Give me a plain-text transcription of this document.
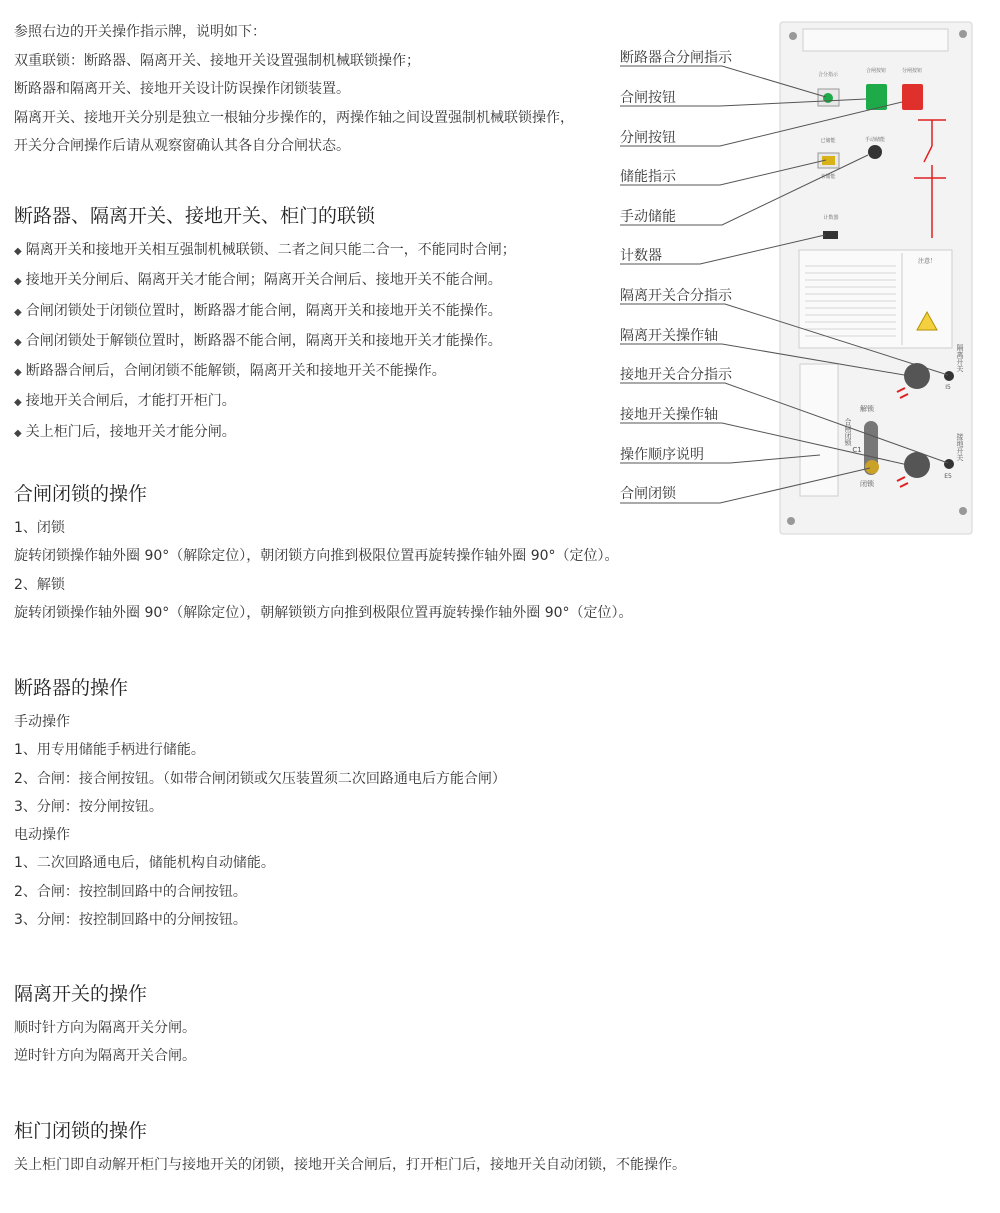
参照右边的开关操作指示牌，说明如下：

双重联锁：断路器、隔离开关、接地开关设置强制机械联锁操作；

断路器和隔离开关、接地开关设计防误操作闭锁装置。

隔离开关、接地开关分别是独立一根轴分步操作的，两操作轴之间设置强制机械联锁操作，

开关分合闸操作后请从观察窗确认其各自分合闸状态。

断路器、隔离开关、接地开关、柜门的联锁
◆ 隔离开关和接地开关相互强制机械联锁、二者之间只能二合一，不能同时合闸；
◆ 接地开关分闸后、隔离开关才能合闸；隔离开关合闸后、接地开关不能合闸。
◆ 合闸闭锁处于闭锁位置时，断路器才能合闸，隔离开关和接地开关不能操作。
◆ 合闸闭锁处于解锁位置时，断路器不能合闸，隔离开关和接地开关才能操作。
◆ 断路器合闸后，合闸闭锁不能解锁，隔离开关和接地开关不能操作。
◆ 接地开关合闸后，才能打开柜门。
◆ 关上柜门后，接地开关才能分闸。
合闸闭锁的操作

1、闭锁

旋转闭锁操作轴外圈 90°（解除定位），朝闭锁方向推到极限位置再旋转操作轴外圈 90°（定位）。

2、解锁

旋转闭锁操作轴外圈 90°（解除定位），朝解锁锁方向推到极限位置再旋转操作轴外圈 90°（定位）。

断路器的操作

手动操作

1、用专用储能手柄进行储能。

2、合闸：接合闸按钮。（如带合闸闭锁或欠压装置须二次回路通电后方能合闸）

3、分闸：按分闸按钮。

电动操作

1、二次回路通电后，储能机构自动储能。

2、合闸：按控制回路中的合闸按钮。

3、分闸：按控制回路中的分闸按钮。

隔离开关的操作

顺时针方向为隔离开关分闸。

逆时针方向为隔离开关合闸。

柜门闭锁的操作

关上柜门即自动解开柜门与接地开关的闭锁，接地开关合闸后，打开柜门后，接地开关自动闭锁，不能操作。

合分指示
合闸按钮	分闸按钮
已储能
未储能
手动储能
计数器
注意！
I5
隔离开关
解锁
闭锁
合闸闭锁
C1
E5
接地开关
断路器合分闸指示
合闸按钮
分闸按钮
储能指示
手动储能
计数器
隔离开关合分指示
隔离开关操作轴
接地开关合分指示
接地开关操作轴
操作顺序说明
合闸闭锁
